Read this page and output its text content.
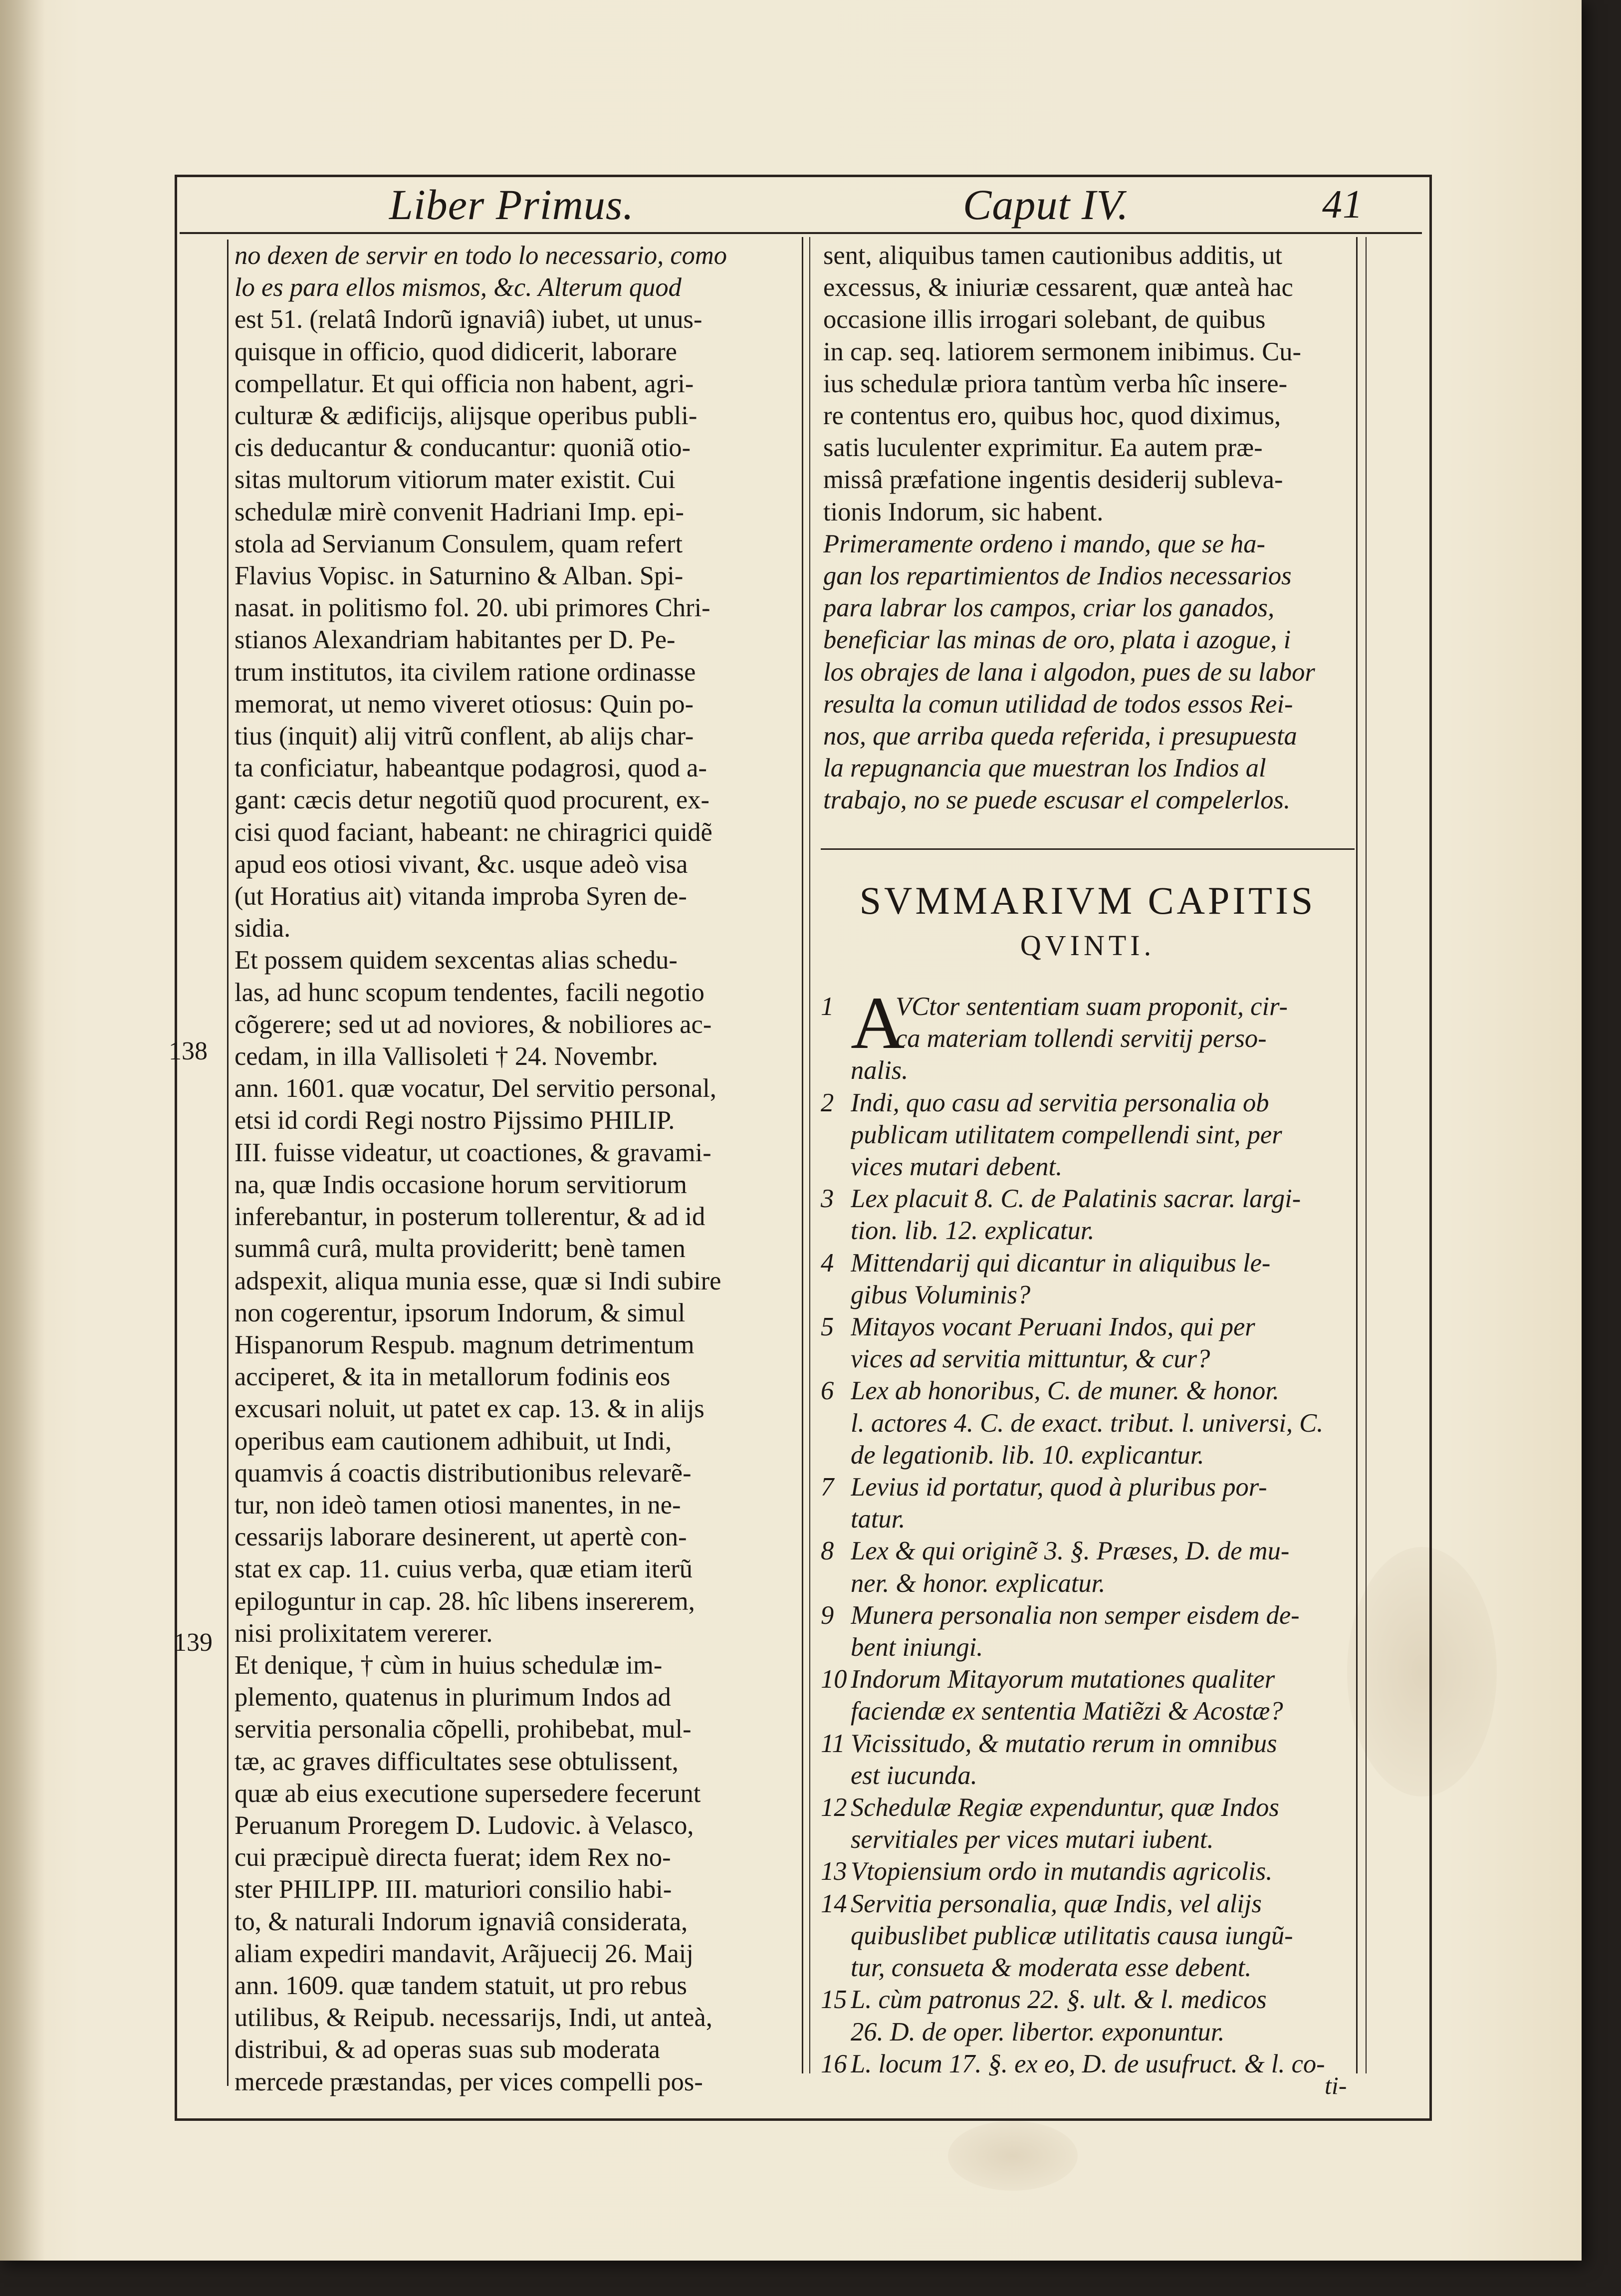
Liber Primus.	Caput IV.	41
138
139
no dexen de servir en todo lo necessario, como
lo es para ellos mismos, &c. Alterum quod
est 51. (relatâ Indorũ ignaviâ) iubet, ut unus-
quisque in officio, quod didicerit, laborare
compellatur. Et qui officia non habent, agri-
culturæ & ædificijs, alijsque operibus publi-
cis deducantur & conducantur: quoniã otio-
sitas multorum vitiorum mater existit. Cui
schedulæ mirè convenit Hadriani Imp. epi-
stola ad Servianum Consulem, quam refert
Flavius Vopisc. in Saturnino & Alban. Spi-
nasat. in politismo fol. 20. ubi primores Chri-
stianos Alexandriam habitantes per D. Pe-
trum institutos, ita civilem ratione ordinasse
memorat, ut nemo viveret otiosus: Quin po-
tius (inquit) alij vitrũ conflent, ab alijs char-
ta conficiatur, habeantque podagrosi, quod a-
gant: cæcis detur negotiũ quod procurent, ex-
cisi quod faciant, habeant: ne chiragrici quidẽ
apud eos otiosi vivant, &c. usque adeò visa
(ut Horatius ait) vitanda improba Syren de-
sidia.
Et possem quidem sexcentas alias schedu-
las, ad hunc scopum tendentes, facili negotio
cõgerere; sed ut ad noviores, & nobiliores ac-
cedam, in illa Vallisoleti † 24. Novembr.
ann. 1601. quæ vocatur, Del servitio personal,
etsi id cordi Regi nostro Pijssimo PHILIP.
III. fuisse videatur, ut coactiones, & gravami-
na, quæ Indis occasione horum servitiorum
inferebantur, in posterum tollerentur, & ad id
summâ curâ, multa provideritt; benè tamen
adspexit, aliqua munia esse, quæ si Indi subire
non cogerentur, ipsorum Indorum, & simul
Hispanorum Respub. magnum detrimentum
acciperet, & ita in metallorum fodinis eos
excusari noluit, ut patet ex cap. 13. & in alijs
operibus eam cautionem adhibuit, ut Indi,
quamvis á coactis distributionibus relevarẽ-
tur, non ideò tamen otiosi manentes, in ne-
cessarijs laborare desinerent, ut apertè con-
stat ex cap. 11. cuius verba, quæ etiam iterũ
epiloguntur in cap. 28. hîc libens insererem,
nisi prolixitatem vererer.
Et denique, † cùm in huius schedulæ im-
plemento, quatenus in plurimum Indos ad
servitia personalia cõpelli, prohibebat, mul-
tæ, ac graves difficultates sese obtulissent,
quæ ab eius executione supersedere fecerunt
Peruanum Proregem D. Ludovic. à Velasco,
cui præcipuè directa fuerat; idem Rex no-
ster PHILIPP. III. maturiori consilio habi-
to, & naturali Indorum ignaviâ considerata,
aliam expediri mandavit, Arãjuecij 26. Maij
ann. 1609. quæ tandem statuit, ut pro rebus
utilibus, & Reipub. necessarijs, Indi, ut anteà,
distribui, & ad operas suas sub moderata
mercede præstandas, per vices compelli pos-
sent, aliquibus tamen cautionibus additis, ut
excessus, & iniuriæ cessarent, quæ anteà hac
occasione illis irrogari solebant, de quibus
in cap. seq. latiorem sermonem inibimus. Cu-
ius schedulæ priora tantùm verba hîc insere-
re contentus ero, quibus hoc, quod diximus,
satis luculenter exprimitur. Ea autem præ-
missâ præfatione ingentis desiderij subleva-
tionis Indorum, sic habent.
Primeramente ordeno i mando, que se ha-
gan los repartimientos de Indios necessarios
para labrar los campos, criar los ganados,
beneficiar las minas de oro, plata i azogue, i
los obrajes de lana i algodon, pues de su labor
resulta la comun utilidad de todos essos Rei-
nos, que arriba queda referida, i presupuesta
la repugnancia que muestran los Indios al
trabajo, no se puede escusar el compelerlos.
SVMMARIVM CAPITIS
QVINTI.
1 A
VCtor sententiam suam proponit, cir-
ca materiam tollendi servitij perso-
nalis.
2 Indi, quo casu ad servitia personalia ob
publicam utilitatem compellendi sint, per
vices mutari debent.
3 Lex placuit 8. C. de Palatinis sacrar. largi-
tion. lib. 12. explicatur.
4 Mittendarij qui dicantur in aliquibus le-
gibus Voluminis?
5 Mitayos vocant Peruani Indos, qui per
vices ad servitia mittuntur, & cur?
6 Lex ab honoribus, C. de muner. & honor.
l. actores 4. C. de exact. tribut. l. universi, C.
de legationib. lib. 10. explicantur.
7 Levius id portatur, quod à pluribus por-
tatur.
8 Lex & qui originẽ 3. §. Præses, D. de mu-
ner. & honor. explicatur.
9 Munera personalia non semper eisdem de-
bent iniungi.
10 Indorum Mitayorum mutationes qualiter
faciendæ ex sententia Matiẽzi & Acostæ?
11 Vicissitudo, & mutatio rerum in omnibus
est iucunda.
12 Schedulæ Regiæ expenduntur, quæ Indos
servitiales per vices mutari iubent.
13 Vtopiensium ordo in mutandis agricolis.
14 Servitia personalia, quæ Indis, vel alijs
quibuslibet publicæ utilitatis causa iungũ-
tur, consueta & moderata esse debent.
15 L. cùm patronus 22. §. ult. & l. medicos
26. D. de oper. libertor. exponuntur.
16 L. locum 17. §. ex eo, D. de usufruct. & l. co-
ti-
